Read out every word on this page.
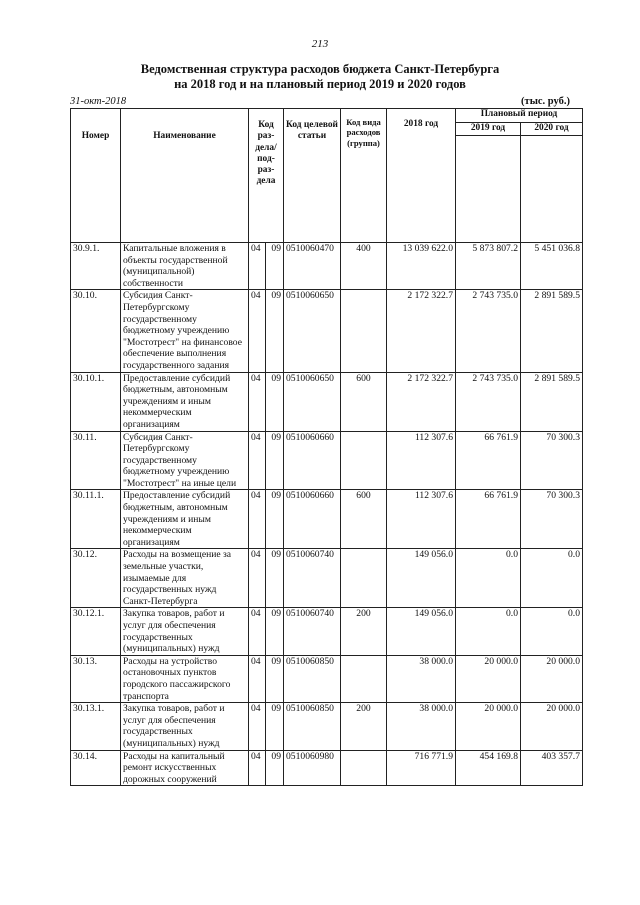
213
Ведомственная структура расходов бюджета Санкт-Петербурга
на 2018 год и на плановый период 2019 и 2020 годов
31-окт-2018	(тыс. руб.)
Номер	Наименование	Код раз- дела/ под- раз- дела		Код целевой статьи	Код вида расходов (группа)	2018 год	Плановый период	
							2019 год	2020 год

30.9.1.	Капитальные вложения в объекты государственной (муниципальной) собственности	04	09	0510060470	400	13 039 622.0	5 873 807.2	5 451 036.8
30.10.	Субсидия Санкт-Петербургскому государственному бюджетному учреждению "Мостотрест" на финансовое обеспечение выполнения государственного задания	04	09	0510060650		2 172 322.7	2 743 735.0	2 891 589.5
30.10.1.	Предоставление субсидий бюджетным, автономным учреждениям и иным некоммерческим организациям	04	09	0510060650	600	2 172 322.7	2 743 735.0	2 891 589.5
30.11.	Субсидия Санкт-Петербургскому государственному бюджетному учреждению "Мостотрест" на иные цели	04	09	0510060660		112 307.6	66 761.9	70 300.3
30.11.1.	Предоставление субсидий бюджетным, автономным учреждениям и иным некоммерческим организациям	04	09	0510060660	600	112 307.6	66 761.9	70 300.3
30.12.	Расходы на возмещение за земельные участки, изымаемые для государственных нужд Санкт-Петербурга	04	09	0510060740		149 056.0	0.0	0.0
30.12.1.	Закупка товаров, работ и услуг для обеспечения государственных (муниципальных) нужд	04	09	0510060740	200	149 056.0	0.0	0.0
30.13.	Расходы на устройство остановочных пунктов городского пассажирского транспорта	04	09	0510060850		38 000.0	20 000.0	20 000.0
30.13.1.	Закупка товаров, работ и услуг для обеспечения государственных (муниципальных) нужд	04	09	0510060850	200	38 000.0	20 000.0	20 000.0
30.14.	Расходы на капитальный ремонт искусственных дорожных сооружений	04	09	0510060980		716 771.9	454 169.8	403 357.7
